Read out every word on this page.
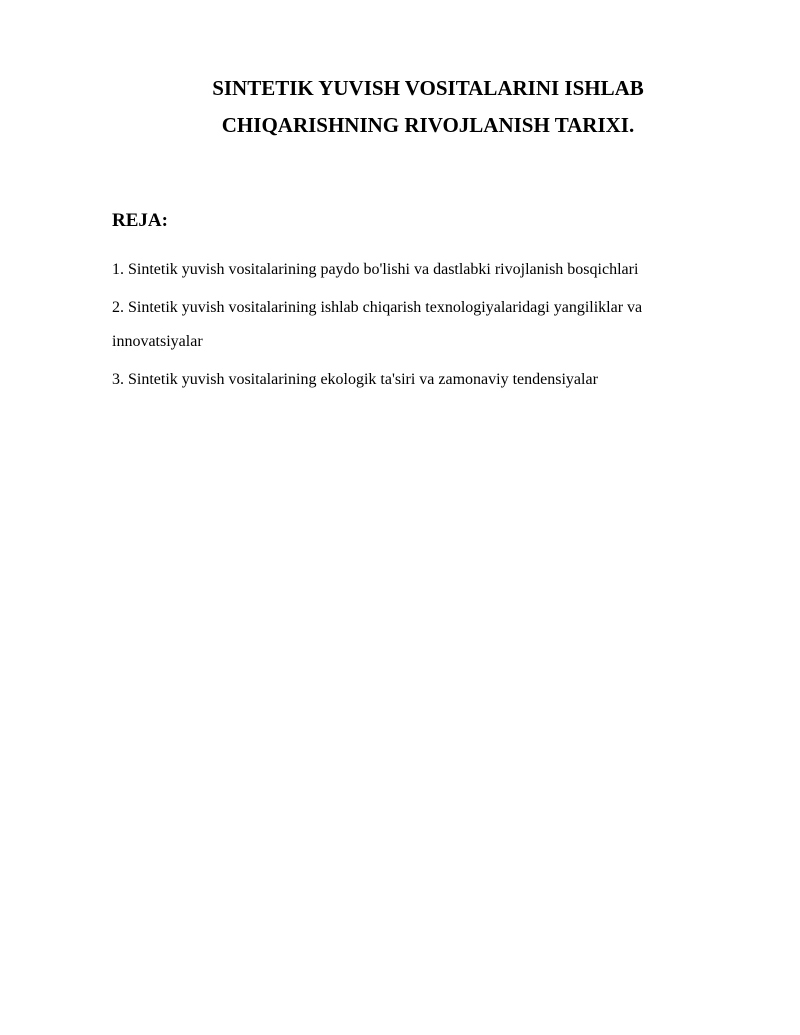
SINTETIK YUVISH VOSITALARINI ISHLAB
CHIQARISHNING RIVOJLANISH TARIXI.
REJA:
1. Sintetik yuvish vositalarining paydo bo'lishi va dastlabki rivojlanish bosqichlari
2. Sintetik yuvish vositalarining ishlab chiqarish texnologiyalaridagi yangiliklar va innovatsiyalar
3. Sintetik yuvish vositalarining ekologik ta'siri va zamonaviy tendensiyalar
